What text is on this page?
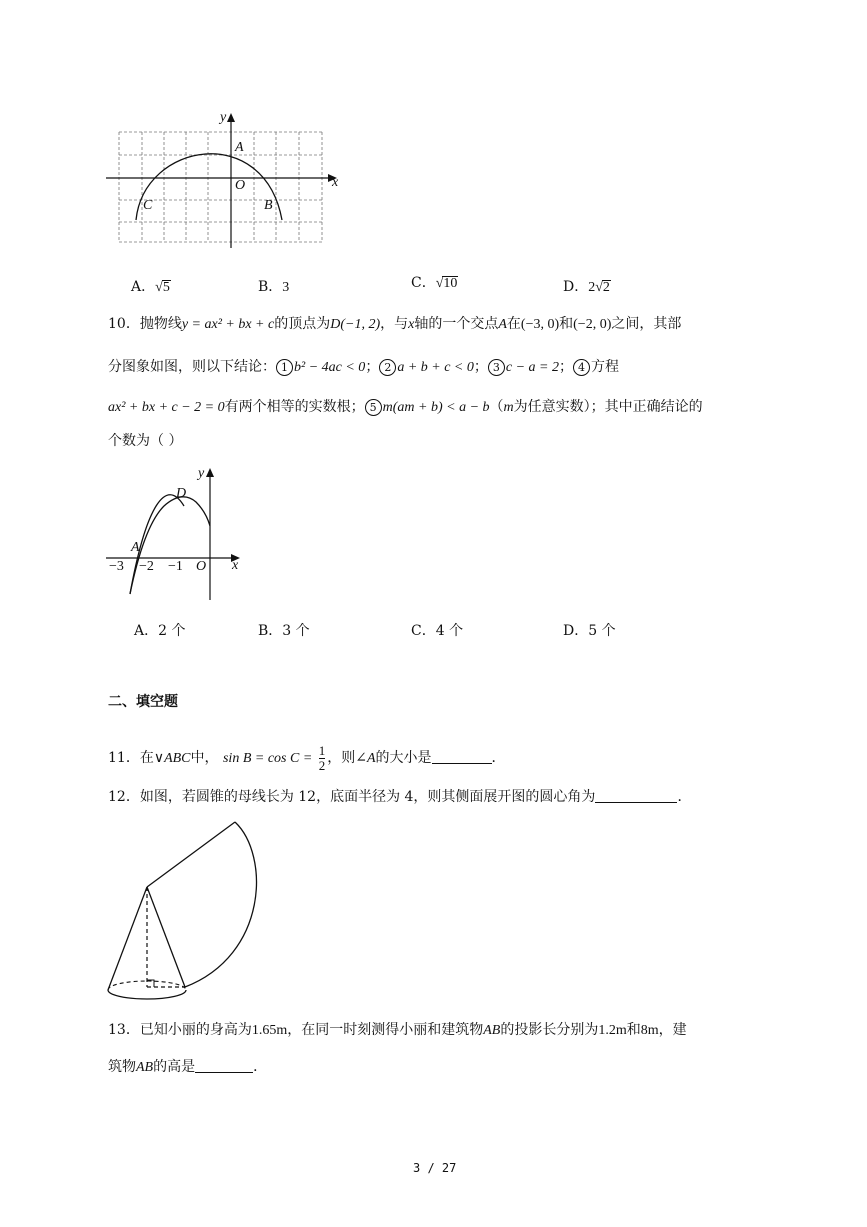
y
x
A
O
C	B
A．√5	B．3	C．√10	D．2√2
10．抛物线y = ax² + bx + c的顶点为D(−1, 2)，与x轴的一个交点A在(−3, 0)和(−2, 0)之间，其部
分图象如图，则以下结论： 1 b² − 4ac < 0； 2 a + b + c < 0； 3 c − a = 2； 4 方程
ax² + bx + c − 2 = 0有两个相等的实数根； 5 m(am + b) < a − b（m为任意实数）；其中正确结论的
个数为（ ）
y
x
D
A
−3 −2 −1 O
A．2 个	B．3 个	C．4 个	D．5 个
二、填空题
11．在∨ABC中， $\sin B = \cos C = \frac{1}{2}$ ，则∠A的大小是	．
12．如图，若圆锥的母线长为 12，底面半径为 4，则其侧面展开图的圆心角为	．
13．已知小丽的身高为1.65m，在同一时刻测得小丽和建筑物AB的投影长分别为1.2m和8m，建
筑物AB的高是	．
3 / 27
